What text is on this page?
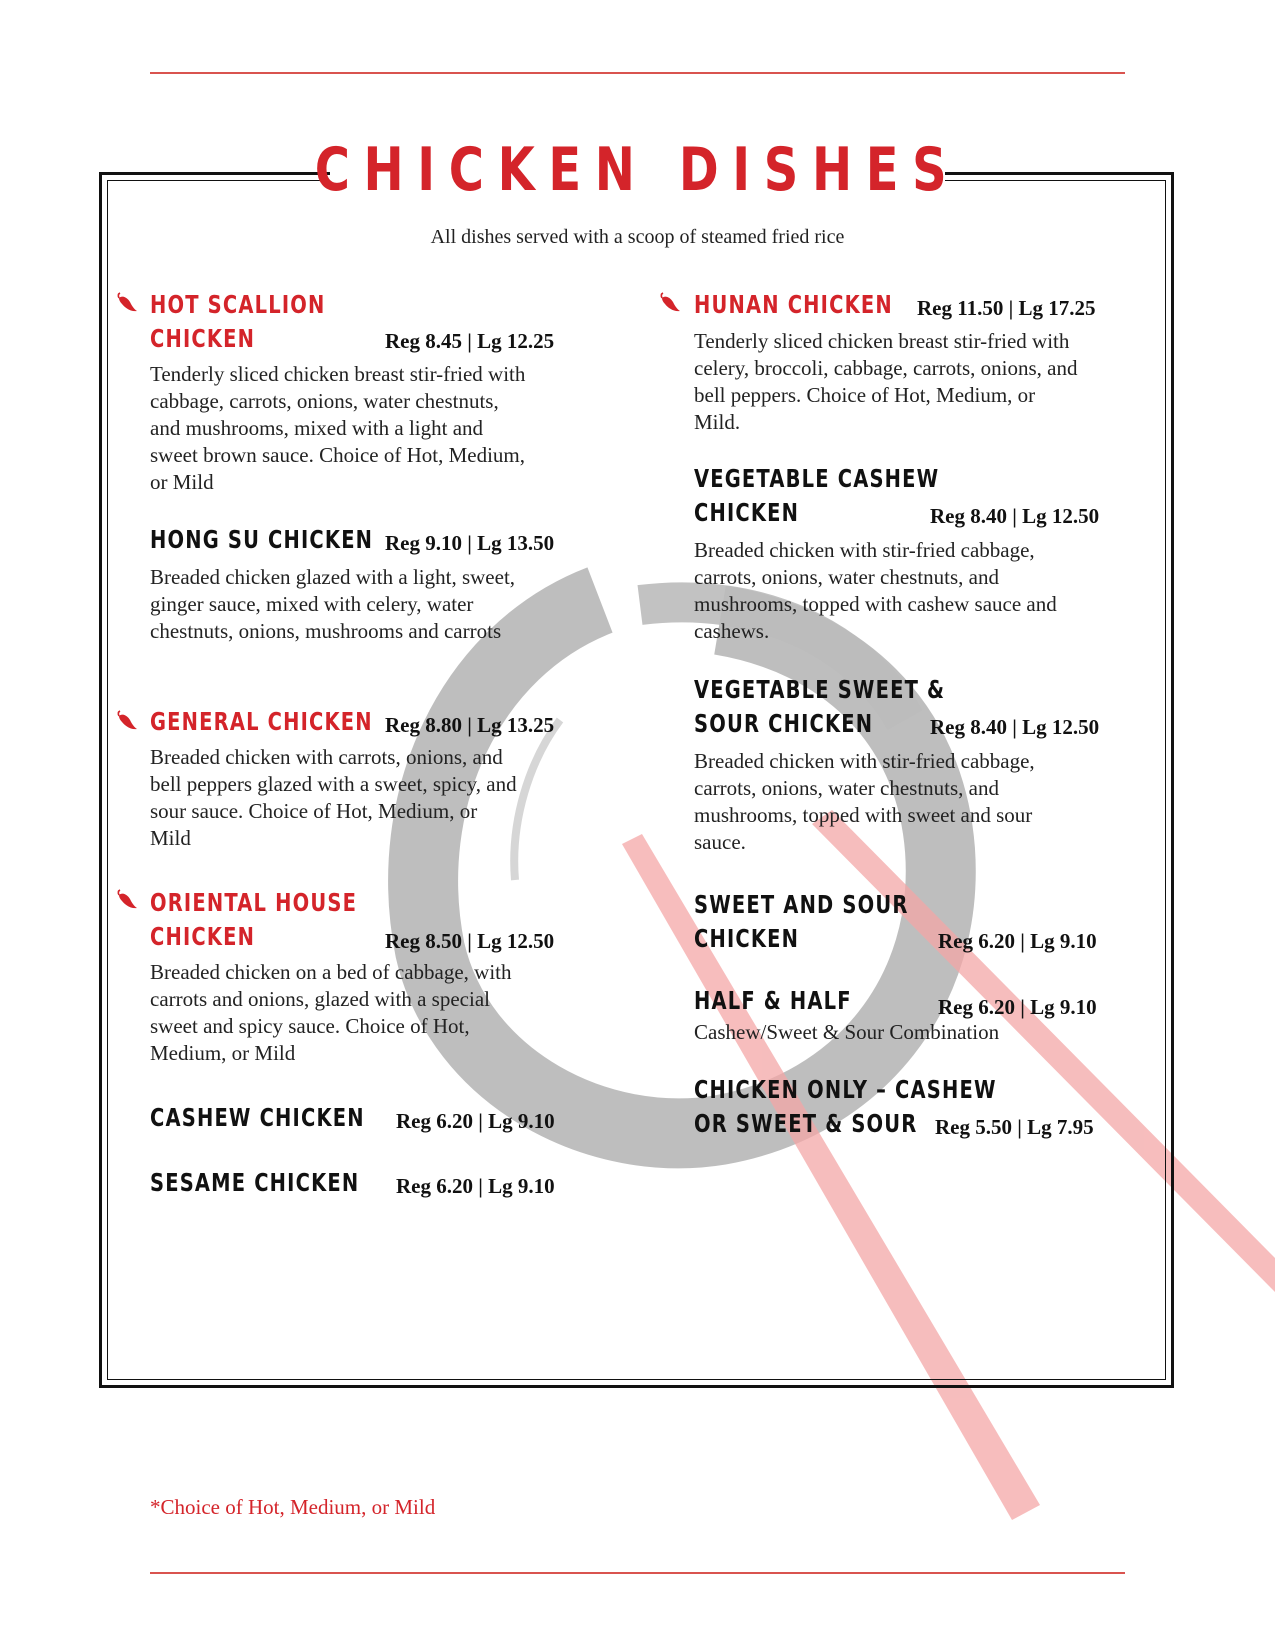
CHICKEN DISHES
All dishes served with a scoop of steamed fried rice
HOT SCALLION
CHICKEN	Reg 8.45 | Lg 12.25

Tenderly sliced chicken breast stir-fried with cabbage, carrots, onions, water chestnuts, and mushrooms, mixed with a light and sweet brown sauce. Choice of Hot, Medium, or Mild

HONG SU CHICKEN Reg 9.10 | Lg 13.50

Breaded chicken glazed with a light, sweet, ginger sauce, mixed with celery, water chestnuts, onions, mushrooms and carrots

GENERAL CHICKEN Reg 8.80 | Lg 13.25

Breaded chicken with carrots, onions, and bell peppers glazed with a sweet, spicy, and sour sauce. Choice of Hot, Medium, or Mild

ORIENTAL HOUSE
CHICKEN	Reg 8.50 | Lg 12.50

Breaded chicken on a bed of cabbage, with carrots and onions, glazed with a special sweet and spicy sauce. Choice of Hot, Medium, or Mild

CASHEW CHICKEN Reg 6.20 | Lg 9.10
SESAME CHICKEN Reg 6.20 | Lg 9.10
HUNAN CHICKEN Reg 11.50 | Lg 17.25

Tenderly sliced chicken breast stir-fried with celery, broccoli, cabbage, carrots, onions, and bell peppers. Choice of Hot, Medium, or Mild.

VEGETABLE CASHEW
CHICKEN	Reg 8.40 | Lg 12.50

Breaded chicken with stir-fried cabbage, carrots, onions, water chestnuts, and mushrooms, topped with cashew sauce and cashews.

VEGETABLE SWEET &
SOUR CHICKEN	Reg 8.40 | Lg 12.50

Breaded chicken with stir-fried cabbage, carrots, onions, water chestnuts, and mushrooms, topped with sweet and sour sauce.

SWEET AND SOUR
CHICKEN	Reg 6.20 | Lg 9.10
HALF & HALF	Reg 6.20 | Lg 9.10

Cashew/Sweet & Sour Combination

CHICKEN ONLY – CASHEW
OR SWEET & SOUR Reg 5.50 | Lg 7.95
*Choice of Hot, Medium, or Mild
